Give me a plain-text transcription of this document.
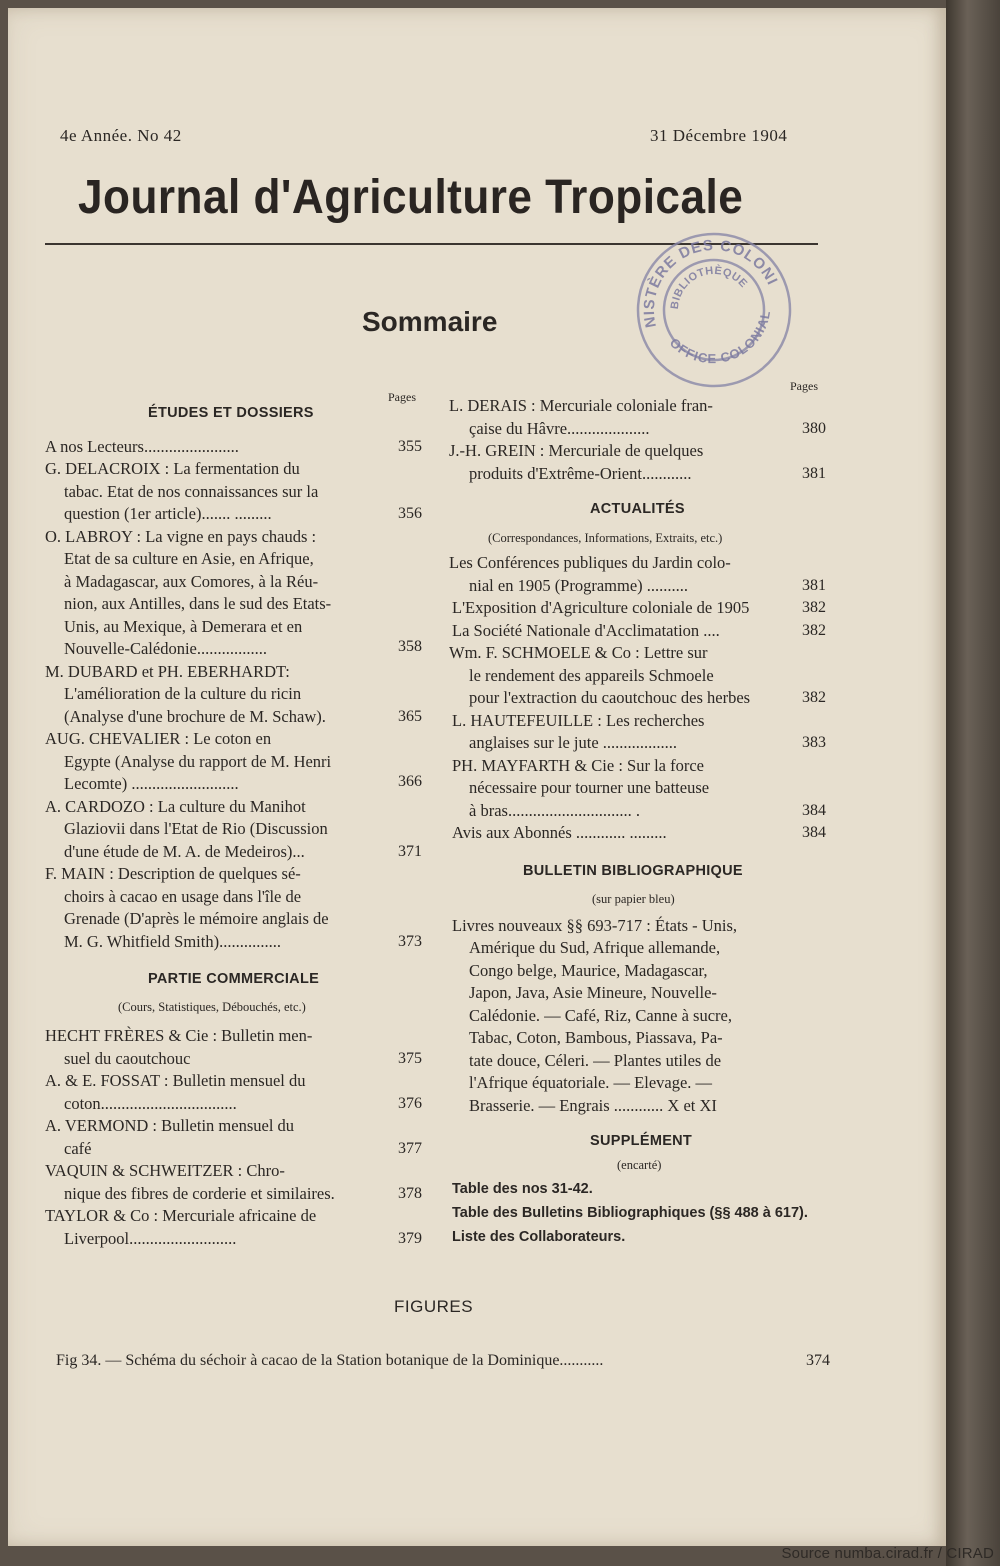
4e Année. No 42	31 Décembre 1904
Journal d'Agriculture Tropicale
MINISTÈRE DES COLONIES
BIBLIOTHÈQUE
OFFICE COLONIAL
Sommaire
Pages
ÉTUDES ET DOSSIERS
A nos Lecteurs.......................
G. DELACROIX : La fermentation du
tabac. Etat de nos connaissances sur la
question (1er article)....... .........
O. LABROY : La vigne en pays chauds :
Etat de sa culture en Asie, en Afrique,
à Madagascar, aux Comores, à la Réu-
nion, aux Antilles, dans le sud des Etats-
Unis, au Mexique, à Demerara et en
Nouvelle-Calédonie.................
M. DUBARD et PH. EBERHARDT:
L'amélioration de la culture du ricin
(Analyse d'une brochure de M. Schaw).
AUG. CHEVALIER : Le coton en
Egypte (Analyse du rapport de M. Henri
Lecomte) ..........................
A. CARDOZO : La culture du Manihot
Glaziovii dans l'Etat de Rio (Discussion
d'une étude de M. A. de Medeiros)...
F. MAIN : Description de quelques sé-
choirs à cacao en usage dans l'île de
Grenade (D'après le mémoire anglais de
M. G. Whitfield Smith)...............
355
356
358
365
366
371
373
PARTIE COMMERCIALE
(Cours, Statistiques, Débouchés, etc.)
HECHT FRÈRES & Cie : Bulletin men-
suel du caoutchouc
A. & E. FOSSAT : Bulletin mensuel du
coton.................................
A. VERMOND : Bulletin mensuel du
café
VAQUIN & SCHWEITZER : Chro-
nique des fibres de corderie et similaires.
TAYLOR & Co : Mercuriale africaine de
Liverpool..........................
375
376
377
378
379
Pages
L. DERAIS : Mercuriale coloniale fran-
çaise du Hâvre....................
J.-H. GREIN : Mercuriale de quelques
produits d'Extrême-Orient............
380
381
ACTUALITÉS
(Correspondances, Informations, Extraits, etc.)
Les Conférences publiques du Jardin colo-
nial en 1905 (Programme) ..........
L'Exposition d'Agriculture coloniale de 1905
La Société Nationale d'Acclimatation ....
Wm. F. SCHMOELE & Co : Lettre sur
le rendement des appareils Schmoele
pour l'extraction du caoutchouc des herbes
L. HAUTEFEUILLE : Les recherches
anglaises sur le jute ..................
PH. MAYFARTH & Cie : Sur la force
nécessaire pour tourner une batteuse
à bras.............................. .
Avis aux Abonnés ............ .........
381
382
382
382
383
384
384
BULLETIN BIBLIOGRAPHIQUE
(sur papier bleu)
Livres nouveaux §§ 693-717 : États - Unis,
Amérique du Sud, Afrique allemande,
Congo belge, Maurice, Madagascar,
Japon, Java, Asie Mineure, Nouvelle-
Calédonie. — Café, Riz, Canne à sucre,
Tabac, Coton, Bambous, Piassava, Pa-
tate douce, Céleri. — Plantes utiles de
l'Afrique équatoriale. — Elevage. —
Brasserie. — Engrais ............ X et XI
SUPPLÉMENT
(encarté)
Table des nos 31-42.
Table des Bulletins Bibliographiques (§§ 488 à 617).
Liste des Collaborateurs.
FIGURES
Fig 34. — Schéma du séchoir à cacao de la Station botanique de la Dominique...........	374
Source numba.cirad.fr / CIRAD
